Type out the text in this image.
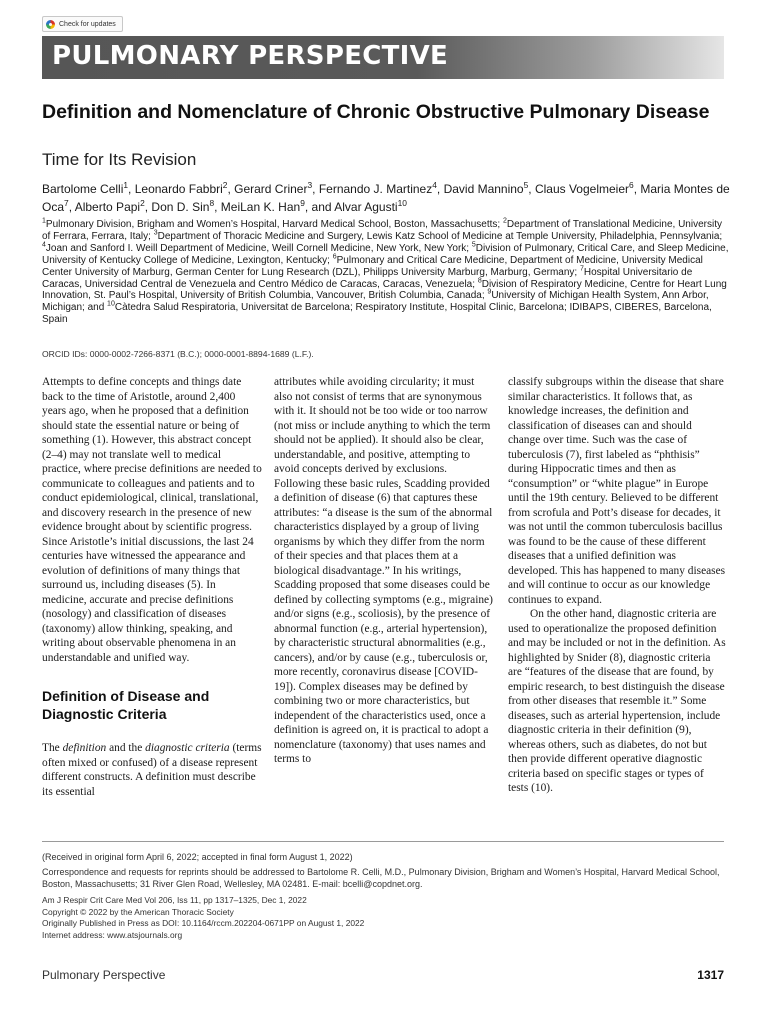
Check for updates
PULMONARY PERSPECTIVE
Definition and Nomenclature of Chronic Obstructive Pulmonary Disease
Time for Its Revision
Bartolome Celli$^1$, Leonardo Fabbri$^2$, Gerard Criner$^3$, Fernando J. Martinez$^4$, David Mannino$^5$, Claus Vogelmeier$^6$, Maria Montes de Oca$^7$, Alberto Papi$^2$, Don D. Sin$^8$, MeiLan K. Han$^9$, and Alvar Agusti$^{10}$
$^1$Pulmonary Division, Brigham and Women’s Hospital, Harvard Medical School, Boston, Massachusetts; $^2$Department of Translational Medicine, University of Ferrara, Ferrara, Italy; $^3$Department of Thoracic Medicine and Surgery, Lewis Katz School of Medicine at Temple University, Philadelphia, Pennsylvania; $^4$Joan and Sanford I. Weill Department of Medicine, Weill Cornell Medicine, New York, New York; $^5$Division of Pulmonary, Critical Care, and Sleep Medicine, University of Kentucky College of Medicine, Lexington, Kentucky; $^6$Pulmonary and Critical Care Medicine, Department of Medicine, University Medical Center University of Marburg, German Center for Lung Research (DZL), Philipps University Marburg, Marburg, Germany; $^7$Hospital Universitario de Caracas, Universidad Central de Venezuela and Centro Médico de Caracas, Caracas, Venezuela; $^8$Division of Respiratory Medicine, Centre for Heart Lung Innovation, St. Paul’s Hospital, University of British Columbia, Vancouver, British Columbia, Canada; $^9$University of Michigan Health System, Ann Arbor, Michigan; and $^{10}$Càtedra Salud Respiratoria, Universitat de Barcelona; Respiratory Institute, Hospital Clinic, Barcelona; IDIBAPS, CIBERES, Barcelona, Spain
ORCID IDs: 0000-0002-7266-8371 (B.C.); 0000-0001-8894-1689 (L.F.).

Attempts to define concepts and things date back to the time of Aristotle, around 2,400 years ago, when he proposed that a definition should state the essential nature or being of something (1). However, this abstract concept (2–4) may not translate well to medical practice, where precise definitions are needed to communicate to colleagues and patients and to conduct epidemiological, clinical, translational, and discovery research in the presence of new evidence brought about by scientific progress. Since Aristotle’s initial discussions, the last 24 centuries have witnessed the appearance and evolution of definitions of many things that surround us, including diseases (5). In medicine, accurate and precise definitions (nosology) and classification of diseases (taxonomy) allow thinking, speaking, and writing about observable phenomena in an understandable and unified way.

Definition of Disease and Diagnostic Criteria

The definition and the diagnostic criteria (terms often mixed or confused) of a disease represent different constructs. A definition must describe its essential

attributes while avoiding circularity; it must also not consist of terms that are synonymous with it. It should not be too wide or too narrow (not miss or include anything to which the term should not be applied). It should also be clear, understandable, and positive, attempting to avoid concepts derived by exclusions. Following these basic rules, Scadding provided a definition of disease (6) that captures these attributes: “a disease is the sum of the abnormal characteristics displayed by a group of living organisms by which they differ from the norm of their species and that places them at a biological disadvantage.” In his writings, Scadding proposed that some diseases could be defined by collecting symptoms (e.g., migraine) and/or signs (e.g., scoliosis), by the presence of abnormal function (e.g., arterial hypertension), by characteristic structural abnormalities (e.g., cancers), and/or by cause (e.g., tuberculosis or, more recently, coronavirus disease [COVID-19]). Complex diseases may be defined by combining two or more characteristics, but independent of the characteristics used, once a definition is agreed on, it is practical to adopt a nomenclature (taxonomy) that uses names and terms to

classify subgroups within the disease that share similar characteristics. It follows that, as knowledge increases, the definition and classification of diseases can and should change over time. Such was the case of tuberculosis (7), first labeled as “phthisis” during Hippocratic times and then as “consumption” or “white plague” in Europe until the 19th century. Believed to be different from scrofula and Pott’s disease for decades, it was not until the common tuberculosis bacillus was found to be the cause of these different diseases that a unified definition was developed. This has happened to many diseases and will continue to occur as our knowledge continues to expand.

On the other hand, diagnostic criteria are used to operationalize the proposed definition and may be included or not in the definition. As highlighted by Snider (8), diagnostic criteria are “features of the disease that are found, by empiric research, to best distinguish the disease from other diseases that resemble it.” Some diseases, such as arterial hypertension, include diagnostic criteria in their definition (9), whereas others, such as diabetes, do not but then provide different operative diagnostic criteria based on specific stages or types of tests (10).

(Received in original form April 6, 2022; accepted in final form August 1, 2022)
Correspondence and requests for reprints should be addressed to Bartolome R. Celli, M.D., Pulmonary Division, Brigham and Women’s Hospital, Harvard Medical School, Boston, Massachusetts; 31 River Glen Road, Wellesley, MA 02481. E-mail: bcelli@copdnet.org.
Am J Respir Crit Care Med Vol 206, Iss 11, pp 1317–1325, Dec 1, 2022
Copyright © 2022 by the American Thoracic Society
Originally Published in Press as DOI: 10.1164/rccm.202204-0671PP on August 1, 2022
Internet address: www.atsjournals.org
Pulmonary Perspective	1317
